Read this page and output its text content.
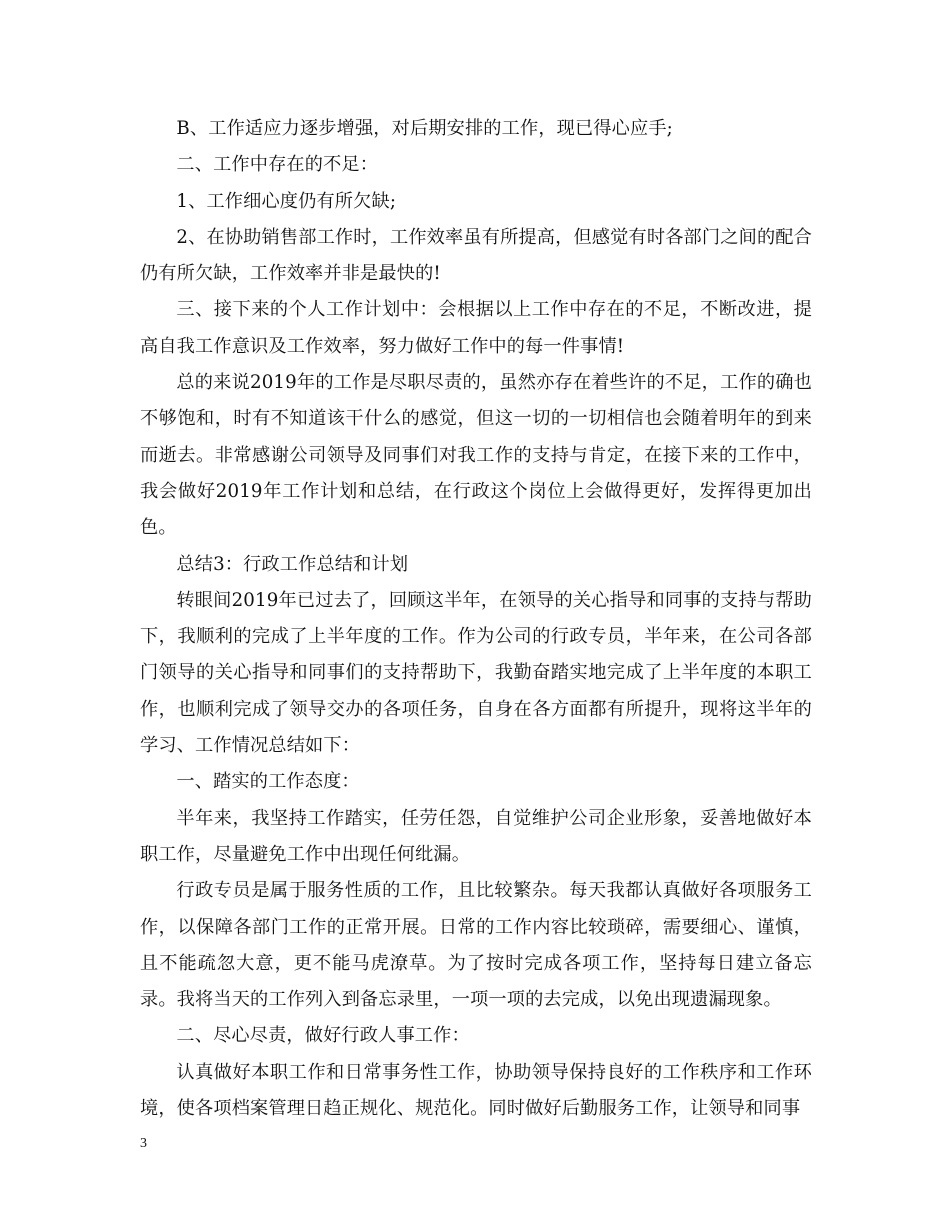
B、工作适应力逐步增强，对后期安排的工作，现已得心应手;

二、工作中存在的不足：

1、工作细心度仍有所欠缺;

2、在协助销售部工作时，工作效率虽有所提高，但感觉有时各部门之间的配合仍有所欠缺，工作效率并非是最快的!

三、接下来的个人工作计划中：会根据以上工作中存在的不足，不断改进，提高自我工作意识及工作效率，努力做好工作中的每一件事情!

总的来说2019年的工作是尽职尽责的，虽然亦存在着些许的不足，工作的确也不够饱和，时有不知道该干什么的感觉，但这一切的一切相信也会随着明年的到来而逝去。非常感谢公司领导及同事们对我工作的支持与肯定，在接下来的工作中，我会做好2019年工作计划和总结，在行政这个岗位上会做得更好，发挥得更加出色。

总结3：行政工作总结和计划

转眼间2019年已过去了，回顾这半年，在领导的关心指导和同事的支持与帮助下，我顺利的完成了上半年度的工作。作为公司的行政专员，半年来，在公司各部门领导的关心指导和同事们的支持帮助下，我勤奋踏实地完成了上半年度的本职工作，也顺利完成了领导交办的各项任务，自身在各方面都有所提升，现将这半年的学习、工作情况总结如下：

一、踏实的工作态度：

半年来，我坚持工作踏实，任劳任怨，自觉维护公司企业形象，妥善地做好本职工作，尽量避免工作中出现任何纰漏。

行政专员是属于服务性质的工作，且比较繁杂。每天我都认真做好各项服务工作，以保障各部门工作的正常开展。日常的工作内容比较琐碎，需要细心、谨慎，且不能疏忽大意，更不能马虎潦草。为了按时完成各项工作，坚持每日建立备忘录。我将当天的工作列入到备忘录里，一项一项的去完成，以免出现遗漏现象。

二、尽心尽责，做好行政人事工作：

认真做好本职工作和日常事务性工作，协助领导保持良好的工作秩序和工作环境，使各项档案管理日趋正规化、规范化。同时做好后勤服务工作，让领导和同事

3
